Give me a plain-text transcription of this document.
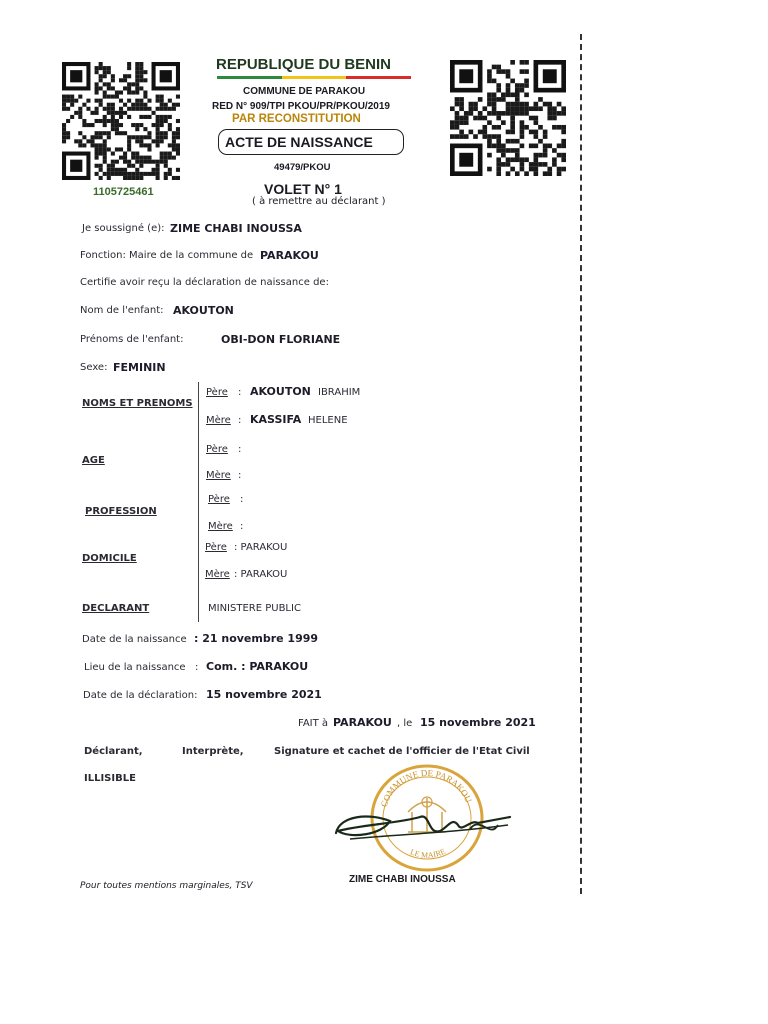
1105725461
REPUBLIQUE DU BENIN
COMMUNE DE PARAKOU
RED N° 909/TPI PKOU/PR/PKOU/2019
PAR RECONSTITUTION
ACTE DE NAISSANCE
49479/PKOU
VOLET N° 1
( à remettre au déclarant )
Je soussigné (e): ZIME CHABI INOUSSA
Fonction: Maire de la commune de PARAKOU
Certifie avoir reçu la déclaration de naissance de:
Nom de l'enfant: AKOUTON
Prénoms de l'enfant:	OBI-DON FLORIANE
Sexe: FEMININ
NOMS ET PRENOMS
Père : AKOUTON IBRAHIM
Mère : KASSIFA HELENE
AGE
Père :
Mère :
PROFESSION
Père :
Mère :
DOMICILE
Père : PARAKOU
Mère : PARAKOU
DECLARANT	MINISTERE PUBLIC
Date de la naissance : 21 novembre 1999
Lieu de la naissance : Com. : PARAKOU
Date de la déclaration: 15 novembre 2021
FAIT à PARAKOU , le 15 novembre 2021
Déclarant,	Interprète,	Signature et cachet de l'officier de l'Etat Civil
ILLISIBLE
COMMUNE DE PARAKOU
LE MAIRE
ZIME CHABI INOUSSA
Pour toutes mentions marginales, TSV
